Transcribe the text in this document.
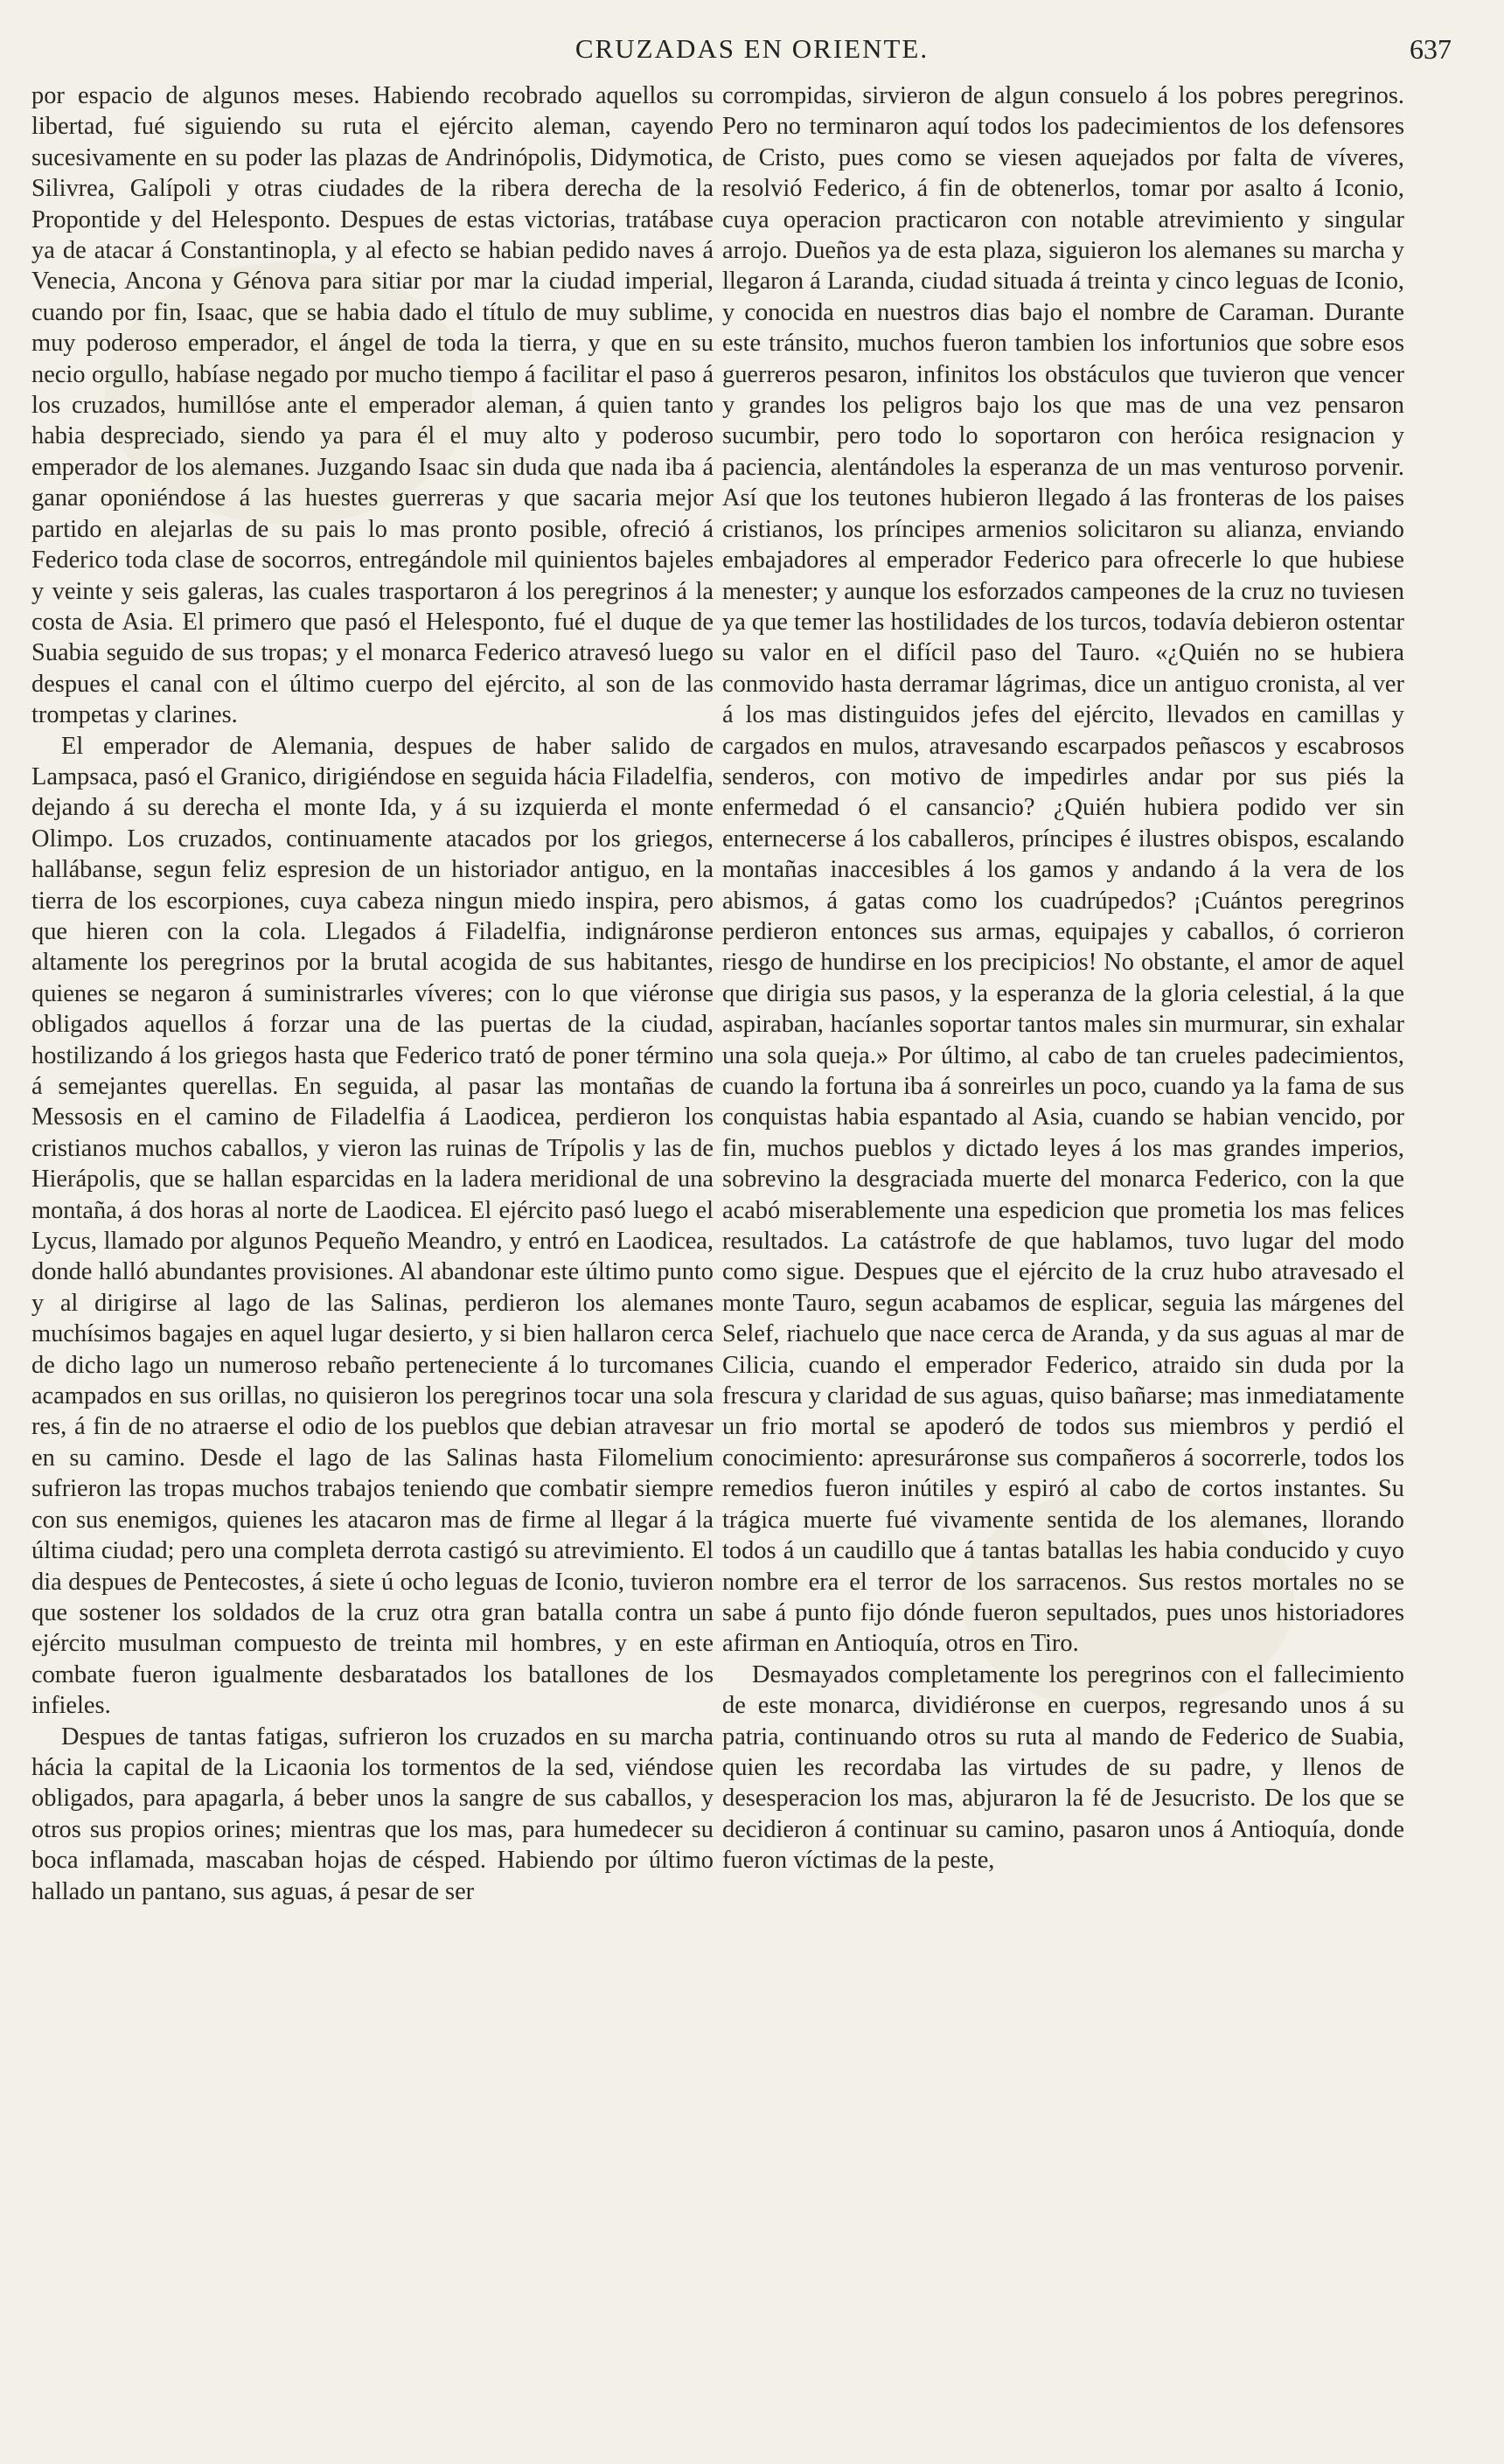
CRUZADAS EN ORIENTE.	637

por espacio de algunos meses. Habiendo recobrado aquellos su libertad, fué siguiendo su ruta el ejército aleman, cayendo sucesivamente en su poder las plazas de Andrinópolis, Didymotica, Silivrea, Galípoli y otras ciudades de la ribera derecha de la Propontide y del Helesponto. Despues de estas victorias, tratábase ya de atacar á Constantinopla, y al efecto se habian pedido naves á Venecia, Ancona y Génova para sitiar por mar la ciudad imperial, cuando por fin, Isaac, que se habia dado el título de muy sublime, muy poderoso emperador, el ángel de toda la tierra, y que en su necio orgullo, habíase negado por mucho tiempo á facilitar el paso á los cruzados, humillóse ante el emperador aleman, á quien tanto habia despreciado, siendo ya para él el muy alto y poderoso emperador de los alemanes. Juzgando Isaac sin duda que nada iba á ganar oponiéndose á las huestes guerreras y que sacaria mejor partido en alejarlas de su pais lo mas pronto posible, ofreció á Federico toda clase de socorros, entregándole mil quinientos bajeles y veinte y seis galeras, las cuales trasportaron á los peregrinos á la costa de Asia. El primero que pasó el Helesponto, fué el duque de Suabia seguido de sus tropas; y el monarca Federico atravesó luego despues el canal con el último cuerpo del ejército, al son de las trompetas y clarines.

El emperador de Alemania, despues de haber salido de Lampsaca, pasó el Granico, dirigiéndose en seguida hácia Filadelfia, dejando á su derecha el monte Ida, y á su izquierda el monte Olimpo. Los cruzados, continuamente atacados por los griegos, hallábanse, segun feliz espresion de un historiador antiguo, en la tierra de los escorpiones, cuya cabeza ningun miedo inspira, pero que hieren con la cola. Llegados á Filadelfia, indignáronse altamente los peregrinos por la brutal acogida de sus habitantes, quienes se negaron á suministrarles víveres; con lo que viéronse obligados aquellos á forzar una de las puertas de la ciudad, hostilizando á los griegos hasta que Federico trató de poner término á semejantes querellas. En seguida, al pasar las montañas de Messosis en el camino de Filadelfia á Laodicea, perdieron los cristianos muchos caballos, y vieron las ruinas de Trípolis y las de Hierápolis, que se hallan esparcidas en la ladera meridional de una montaña, á dos horas al norte de Laodicea. El ejército pasó luego el Lycus, llamado por algunos Pequeño Meandro, y entró en Laodicea, donde halló abundantes provisiones. Al abandonar este último punto y al dirigirse al lago de las Salinas, perdieron los alemanes muchísimos bagajes en aquel lugar desierto, y si bien hallaron cerca de dicho lago un numeroso rebaño perteneciente á lo turcomanes acampados en sus orillas, no quisieron los peregrinos tocar una sola res, á fin de no atraerse el odio de los pueblos que debian atravesar en su camino. Desde el lago de las Salinas hasta Filomelium sufrieron las tropas muchos trabajos teniendo que combatir siempre con sus enemigos, quienes les atacaron mas de firme al llegar á la última ciudad; pero una completa derrota castigó su atrevimiento. El dia despues de Pentecostes, á siete ú ocho leguas de Iconio, tuvieron que sostener los soldados de la cruz otra gran batalla contra un ejército musulman compuesto de treinta mil hombres, y en este combate fueron igualmente desbaratados los batallones de los infieles.

Despues de tantas fatigas, sufrieron los cruzados en su marcha hácia la capital de la Licaonia los tormentos de la sed, viéndose obligados, para apagarla, á beber unos la sangre de sus caballos, y otros sus propios orines; mientras que los mas, para humedecer su boca inflamada, mascaban hojas de césped. Habiendo por último hallado un pantano, sus aguas, á pesar de ser

corrompidas, sirvieron de algun consuelo á los pobres peregrinos. Pero no terminaron aquí todos los padecimientos de los defensores de Cristo, pues como se viesen aquejados por falta de víveres, resolvió Federico, á fin de obtenerlos, tomar por asalto á Iconio, cuya operacion practicaron con notable atrevimiento y singular arrojo. Dueños ya de esta plaza, siguieron los alemanes su marcha y llegaron á Laranda, ciudad situada á treinta y cinco leguas de Iconio, y conocida en nuestros dias bajo el nombre de Caraman. Durante este tránsito, muchos fueron tambien los infortunios que sobre esos guerreros pesaron, infinitos los obstáculos que tuvieron que vencer y grandes los peligros bajo los que mas de una vez pensaron sucumbir, pero todo lo soportaron con heróica resignacion y paciencia, alentándoles la esperanza de un mas venturoso porvenir. Así que los teutones hubieron llegado á las fronteras de los paises cristianos, los príncipes armenios solicitaron su alianza, enviando embajadores al emperador Federico para ofrecerle lo que hubiese menester; y aunque los esforzados campeones de la cruz no tuviesen ya que temer las hostilidades de los turcos, todavía debieron ostentar su valor en el difícil paso del Tauro. «¿Quién no se hubiera conmovido hasta derramar lágrimas, dice un antiguo cronista, al ver á los mas distinguidos jefes del ejército, llevados en camillas y cargados en mulos, atravesando escarpados peñascos y escabrosos senderos, con motivo de impedirles andar por sus piés la enfermedad ó el cansancio? ¿Quién hubiera podido ver sin enternecerse á los caballeros, príncipes é ilustres obispos, escalando montañas inaccesibles á los gamos y andando á la vera de los abismos, á gatas como los cuadrúpedos? ¡Cuántos peregrinos perdieron entonces sus armas, equipajes y caballos, ó corrieron riesgo de hundirse en los precipicios! No obstante, el amor de aquel que dirigia sus pasos, y la esperanza de la gloria celestial, á la que aspiraban, hacíanles soportar tantos males sin murmurar, sin exhalar una sola queja.» Por último, al cabo de tan crueles padecimientos, cuando la fortuna iba á sonreirles un poco, cuando ya la fama de sus conquistas habia espantado al Asia, cuando se habian vencido, por fin, muchos pueblos y dictado leyes á los mas grandes imperios, sobrevino la desgraciada muerte del monarca Federico, con la que acabó miserablemente una espedicion que prometia los mas felices resultados. La catástrofe de que hablamos, tuvo lugar del modo como sigue. Despues que el ejército de la cruz hubo atravesado el monte Tauro, segun acabamos de esplicar, seguia las márgenes del Selef, riachuelo que nace cerca de Aranda, y da sus aguas al mar de Cilicia, cuando el emperador Federico, atraido sin duda por la frescura y claridad de sus aguas, quiso bañarse; mas inmediatamente un frio mortal se apoderó de todos sus miembros y perdió el conocimiento: apresuráronse sus compañeros á socorrerle, todos los remedios fueron inútiles y espiró al cabo de cortos instantes. Su trágica muerte fué vivamente sentida de los alemanes, llorando todos á un caudillo que á tantas batallas les habia conducido y cuyo nombre era el terror de los sarracenos. Sus restos mortales no se sabe á punto fijo dónde fueron sepultados, pues unos historiadores afirman en Antioquía, otros en Tiro.

Desmayados completamente los peregrinos con el fallecimiento de este monarca, dividiéronse en cuerpos, regresando unos á su patria, continuando otros su ruta al mando de Federico de Suabia, quien les recordaba las virtudes de su padre, y llenos de desesperacion los mas, abjuraron la fé de Jesucristo. De los que se decidieron á continuar su camino, pasaron unos á Antioquía, donde fueron víctimas de la peste,
